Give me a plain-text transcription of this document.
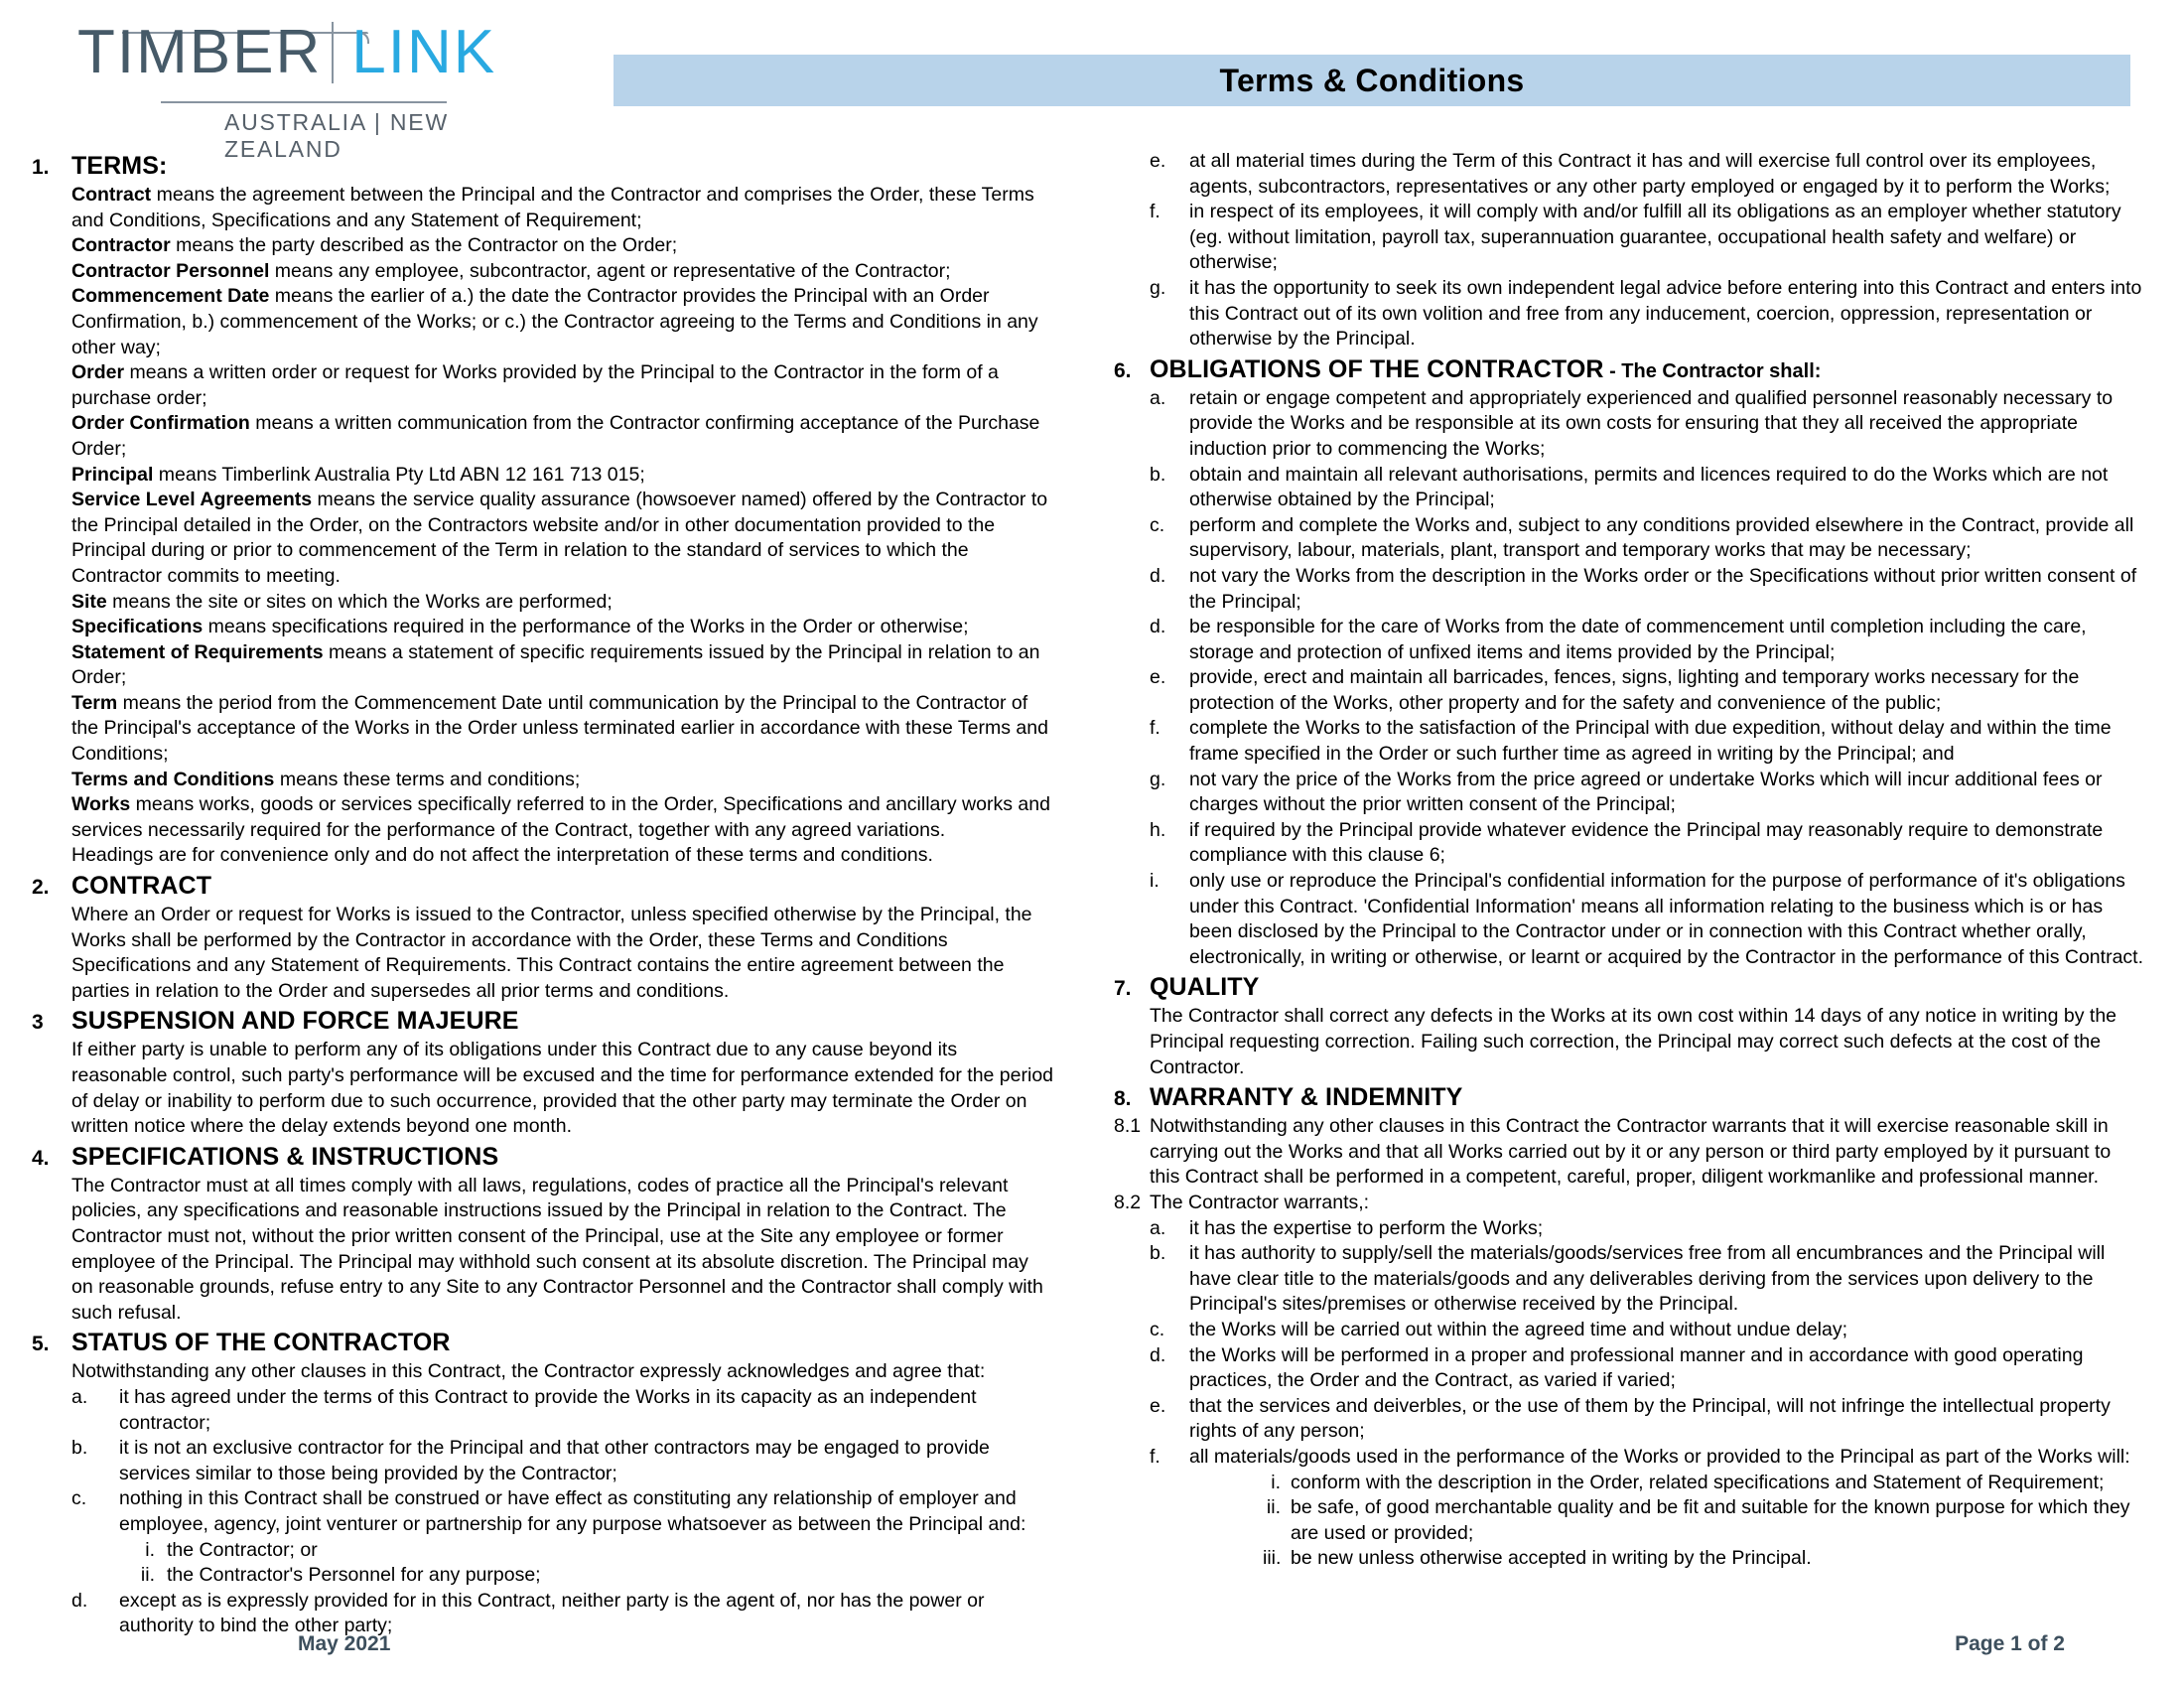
TIMBER LINK
AUSTRALIA | NEW ZEALAND
Terms & Conditions
1. TERMS:

Contract means the agreement between the Principal and the Contractor and comprises the Order, these Terms and Conditions, Specifications and any Statement of Requirement;

Contractor means the party described as the Contractor on the Order;

Contractor Personnel means any employee, subcontractor, agent or representative of the Contractor;

Commencement Date means the earlier of a.) the date the Contractor provides the Principal with an Order Confirmation, b.) commencement of the Works; or c.) the Contractor agreeing to the Terms and Conditions in any other way;

Order means a written order or request for Works provided by the Principal to the Contractor in the form of a purchase order;

Order Confirmation means a written communication from the Contractor confirming acceptance of the Purchase Order;

Principal means Timberlink Australia Pty Ltd ABN 12 161 713 015;

Service Level Agreements means the service quality assurance (howsoever named) offered by the Contractor to the Principal detailed in the Order, on the Contractors website and/or in other documentation provided to the Principal during or prior to commencement of the Term in relation to the standard of services to which the Contractor commits to meeting.

Site means the site or sites on which the Works are performed;

Specifications means specifications required in the performance of the Works in the Order or otherwise;

Statement of Requirements means a statement of specific requirements issued by the Principal in relation to an Order;

Term means the period from the Commencement Date until communication by the Principal to the Contractor of the Principal's acceptance of the Works in the Order unless terminated earlier in accordance with these Terms and Conditions;

Terms and Conditions means these terms and conditions;

Works means works, goods or services specifically referred to in the Order, Specifications and ancillary works and services necessarily required for the performance of the Contract, together with any agreed variations.

Headings are for convenience only and do not affect the interpretation of these terms and conditions.

2. CONTRACT

Where an Order or request for Works is issued to the Contractor, unless specified otherwise by the Principal, the Works shall be performed by the Contractor in accordance with the Order, these Terms and Conditions Specifications and any Statement of Requirements. This Contract contains the entire agreement between the parties in relation to the Order and supersedes all prior terms and conditions.

3	SUSPENSION AND FORCE MAJEURE

If either party is unable to perform any of its obligations under this Contract due to any cause beyond its reasonable control, such party's performance will be excused and the time for performance extended for the period of delay or inability to perform due to such occurrence, provided that the other party may terminate the Order on written notice where the delay extends beyond one month.

4. SPECIFICATIONS & INSTRUCTIONS

The Contractor must at all times comply with all laws, regulations, codes of practice all the Principal's relevant policies, any specifications and reasonable instructions issued by the Principal in relation to the Contract. The Contractor must not, without the prior written consent of the Principal, use at the Site any employee or former employee of the Principal. The Principal may withhold such consent at its absolute discretion. The Principal may on reasonable grounds, refuse entry to any Site to any Contractor Personnel and the Contractor shall comply with such refusal.

5. STATUS OF THE CONTRACTOR

Notwithstanding any other clauses in this Contract, the Contractor expressly acknowledges and agree that:

a.	it has agreed under the terms of this Contract to provide the Works in its capacity as an independent contractor;
b.	it is not an exclusive contractor for the Principal and that other contractors may be engaged to provide services similar to those being provided by the Contractor;
c.	nothing in this Contract shall be construed or have effect as constituting any relationship of employer and employee, agency, joint venturer or partnership for any purpose whatsoever as between the Principal and:
i. the Contractor; or
ii. the Contractor's Personnel for any purpose;
d.	except as is expressly provided for in this Contract, neither party is the agent of, nor has the power or authority to bind the other party;
e.	at all material times during the Term of this Contract it has and will exercise full control over its employees, agents, subcontractors, representatives or any other party employed or engaged by it to perform the Works;
f.	in respect of its employees, it will comply with and/or fulfill all its obligations as an employer whether statutory (eg. without limitation, payroll tax, superannuation guarantee, occupational health safety and welfare) or otherwise;
g.	it has the opportunity to seek its own independent legal advice before entering into this Contract and enters into this Contract out of its own volition and free from any inducement, coercion, oppression, representation or otherwise by the Principal.
6. OBLIGATIONS OF THE CONTRACTOR - The Contractor shall:
a.	retain or engage competent and appropriately experienced and qualified personnel reasonably necessary to provide the Works and be responsible at its own costs for ensuring that they all received the appropriate induction prior to commencing the Works;
b.	obtain and maintain all relevant authorisations, permits and licences required to do the Works which are not otherwise obtained by the Principal;
c.	perform and complete the Works and, subject to any conditions provided elsewhere in the Contract, provide all supervisory, labour, materials, plant, transport and temporary works that may be necessary;
d.	not vary the Works from the description in the Works order or the Specifications without prior written consent of the Principal;
d.	be responsible for the care of Works from the date of commencement until completion including the care, storage and protection of unfixed items and items provided by the Principal;
e.	provide, erect and maintain all barricades, fences, signs, lighting and temporary works necessary for the protection of the Works, other property and for the safety and convenience of the public;
f.	complete the Works to the satisfaction of the Principal with due expedition, without delay and within the time frame specified in the Order or such further time as agreed in writing by the Principal; and
g.	not vary the price of the Works from the price agreed or undertake Works which will incur additional fees or charges without the prior written consent of the Principal;
h.	if required by the Principal provide whatever evidence the Principal may reasonably require to demonstrate compliance with this clause 6;
i.	only use or reproduce the Principal's confidential information for the purpose of performance of it's obligations under this Contract. 'Confidential Information' means all information relating to the business which is or has been disclosed by the Principal to the Contractor under or in connection with this Contract whether orally, electronically, in writing or otherwise, or learnt or acquired by the Contractor in the performance of this Contract.
7. QUALITY

The Contractor shall correct any defects in the Works at its own cost within 14 days of any notice in writing by the Principal requesting correction. Failing such correction, the Principal may correct such defects at the cost of the Contractor.

8. WARRANTY & INDEMNITY
8.1 Notwithstanding any other clauses in this Contract the Contractor warrants that it will exercise reasonable skill in carrying out the Works and that all Works carried out by it or any person or third party employed by it pursuant to this Contract shall be performed in a competent, careful, proper, diligent workmanlike and professional manner.
8.2 The Contractor warrants,:
a.	it has the expertise to perform the Works;
b.	it has authority to supply/sell the materials/goods/services free from all encumbrances and the Principal will have clear title to the materials/goods and any deliverables deriving from the services upon delivery to the Principal's sites/premises or otherwise received by the Principal.
c.	the Works will be carried out within the agreed time and without undue delay;
d.	the Works will be performed in a proper and professional manner and in accordance with good operating practices, the Order and the Contract, as varied if varied;
e.	that the services and deiverbles, or the use of them by the Principal, will not infringe the intellectual property rights of any person;
f.	all materials/goods used in the performance of the Works or provided to the Principal as part of the Works will:
i. conform with the description in the Order, related specifications and Statement of Requirement;
ii. be safe, of good merchantable quality and be fit and suitable for the known purpose for which they are used or provided;
iii. be new unless otherwise accepted in writing by the Principal.
May 2021	Page 1 of 2
